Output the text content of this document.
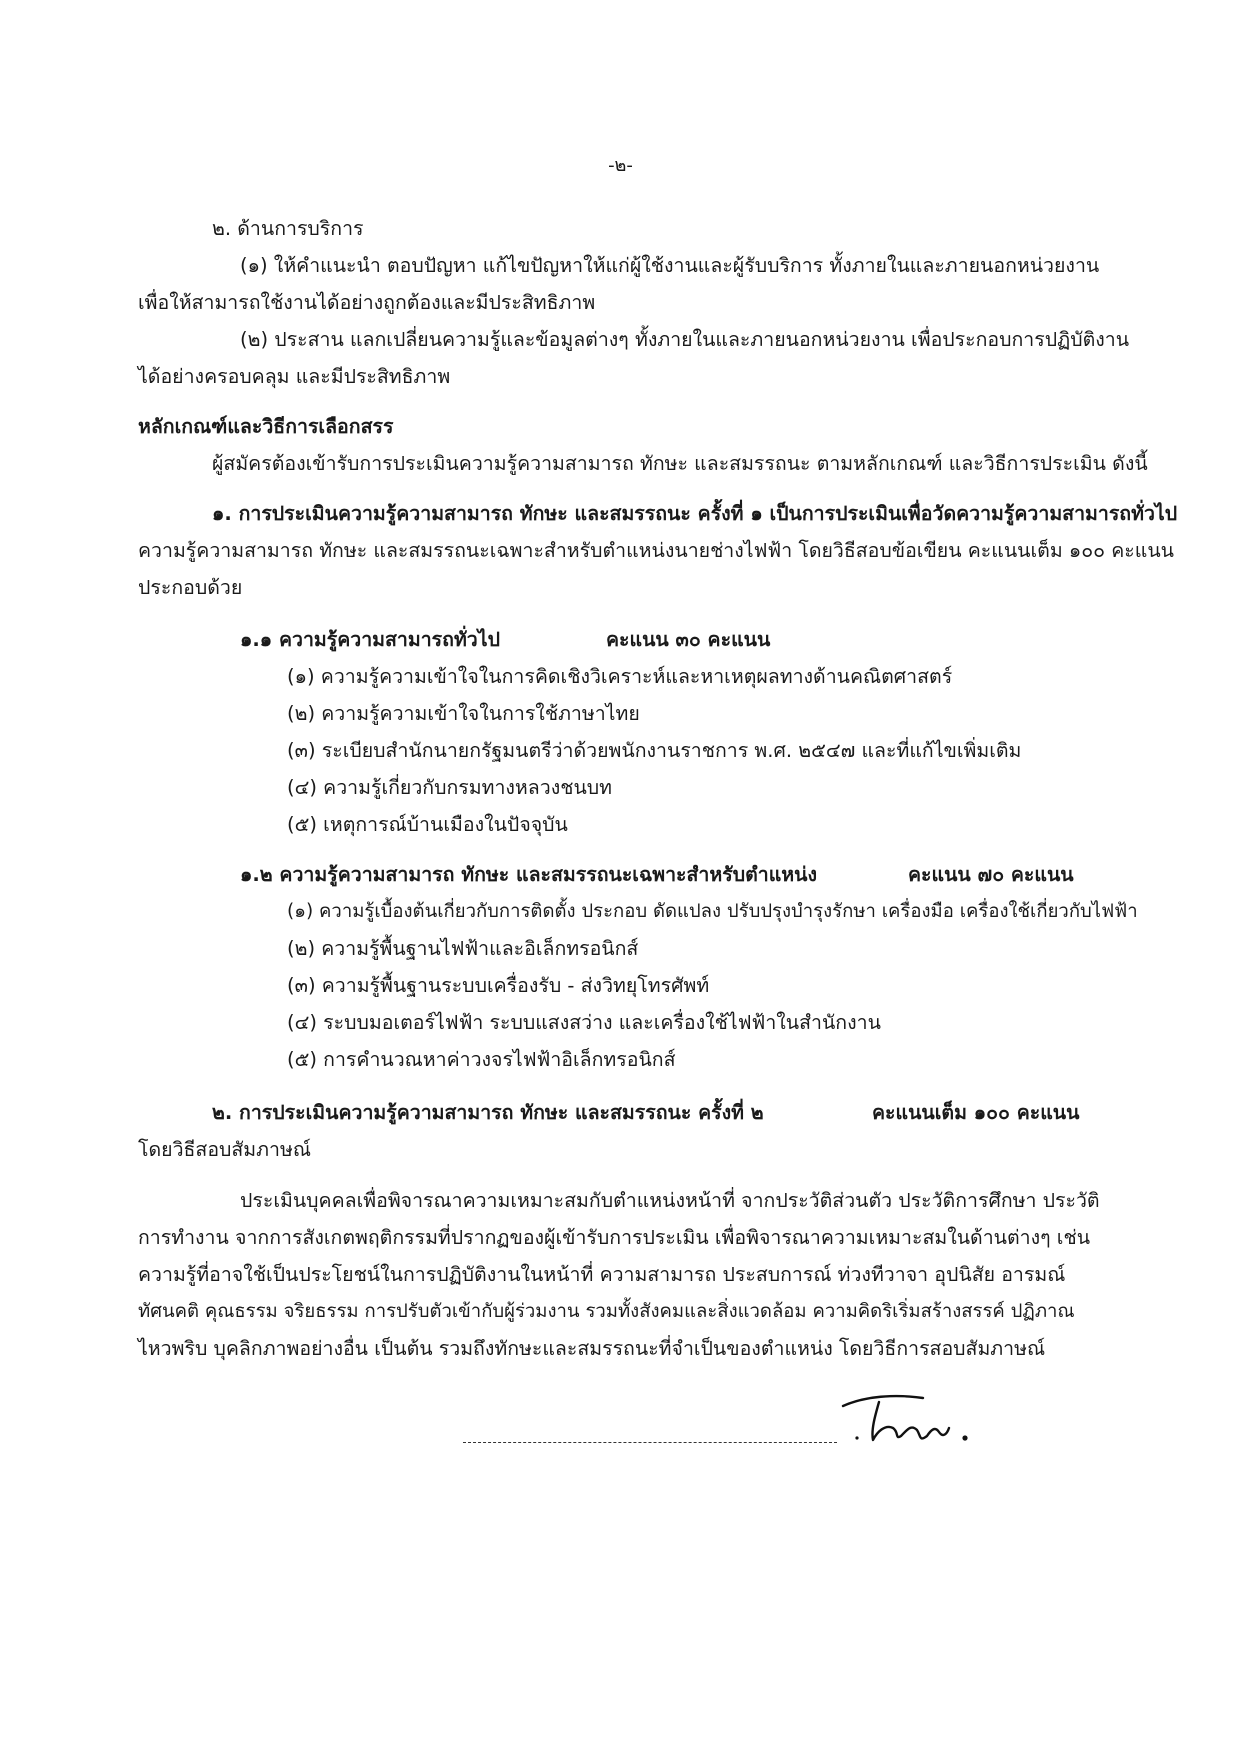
-๒-
๒. ด้านการบริการ
(๑) ให้คำแนะนำ ตอบปัญหา แก้ไขปัญหาให้แก่ผู้ใช้งานและผู้รับบริการ ทั้งภายในและภายนอกหน่วยงาน
เพื่อให้สามารถใช้งานได้อย่างถูกต้องและมีประสิทธิภาพ
(๒) ประสาน แลกเปลี่ยนความรู้และข้อมูลต่างๆ ทั้งภายในและภายนอกหน่วยงาน เพื่อประกอบการปฏิบัติงาน
ได้อย่างครอบคลุม และมีประสิทธิภาพ
หลักเกณฑ์และวิธีการเลือกสรร
ผู้สมัครต้องเข้ารับการประเมินความรู้ความสามารถ ทักษะ และสมรรถนะ ตามหลักเกณฑ์ และวิธีการประเมิน ดังนี้
๑. การประเมินความรู้ความสามารถ ทักษะ และสมรรถนะ ครั้งที่ ๑ เป็นการประเมินเพื่อวัดความรู้ความสามารถทั่วไป
ความรู้ความสามารถ ทักษะ และสมรรถนะเฉพาะสำหรับตำแหน่งนายช่างไฟฟ้า โดยวิธีสอบข้อเขียน คะแนนเต็ม ๑๐๐ คะแนน
ประกอบด้วย
๑.๑ ความรู้ความสามารถทั่วไป	คะแนน ๓๐ คะแนน
(๑) ความรู้ความเข้าใจในการคิดเชิงวิเคราะห์และหาเหตุผลทางด้านคณิตศาสตร์
(๒) ความรู้ความเข้าใจในการใช้ภาษาไทย
(๓) ระเบียบสำนักนายกรัฐมนตรีว่าด้วยพนักงานราชการ พ.ศ. ๒๕๔๗ และที่แก้ไขเพิ่มเติม
(๔) ความรู้เกี่ยวกับกรมทางหลวงชนบท
(๕) เหตุการณ์บ้านเมืองในปัจจุบัน
๑.๒ ความรู้ความสามารถ ทักษะ และสมรรถนะเฉพาะสำหรับตำแหน่ง	คะแนน ๗๐ คะแนน
(๑) ความรู้เบื้องต้นเกี่ยวกับการติดตั้ง ประกอบ ดัดแปลง ปรับปรุงบำรุงรักษา เครื่องมือ เครื่องใช้เกี่ยวกับไฟฟ้า
(๒) ความรู้พื้นฐานไฟฟ้าและอิเล็กทรอนิกส์
(๓) ความรู้พื้นฐานระบบเครื่องรับ - ส่งวิทยุโทรศัพท์
(๔) ระบบมอเตอร์ไฟฟ้า ระบบแสงสว่าง และเครื่องใช้ไฟฟ้าในสำนักงาน
(๕) การคำนวณหาค่าวงจรไฟฟ้าอิเล็กทรอนิกส์
๒. การประเมินความรู้ความสามารถ ทักษะ และสมรรถนะ ครั้งที่ ๒	คะแนนเต็ม ๑๐๐ คะแนน
โดยวิธีสอบสัมภาษณ์
ประเมินบุคคลเพื่อพิจารณาความเหมาะสมกับตำแหน่งหน้าที่ จากประวัติส่วนตัว ประวัติการศึกษา ประวัติ
การทำงาน จากการสังเกตพฤติกรรมที่ปรากฏของผู้เข้ารับการประเมิน เพื่อพิจารณาความเหมาะสมในด้านต่างๆ เช่น
ความรู้ที่อาจใช้เป็นประโยชน์ในการปฏิบัติงานในหน้าที่ ความสามารถ ประสบการณ์ ท่วงทีวาจา อุปนิสัย อารมณ์
ทัศนคติ คุณธรรม จริยธรรม การปรับตัวเข้ากับผู้ร่วมงาน รวมทั้งสังคมและสิ่งแวดล้อม ความคิดริเริ่มสร้างสรรค์ ปฏิภาณ
ไหวพริบ บุคลิกภาพอย่างอื่น เป็นต้น รวมถึงทักษะและสมรรถนะที่จำเป็นของตำแหน่ง โดยวิธีการสอบสัมภาษณ์
